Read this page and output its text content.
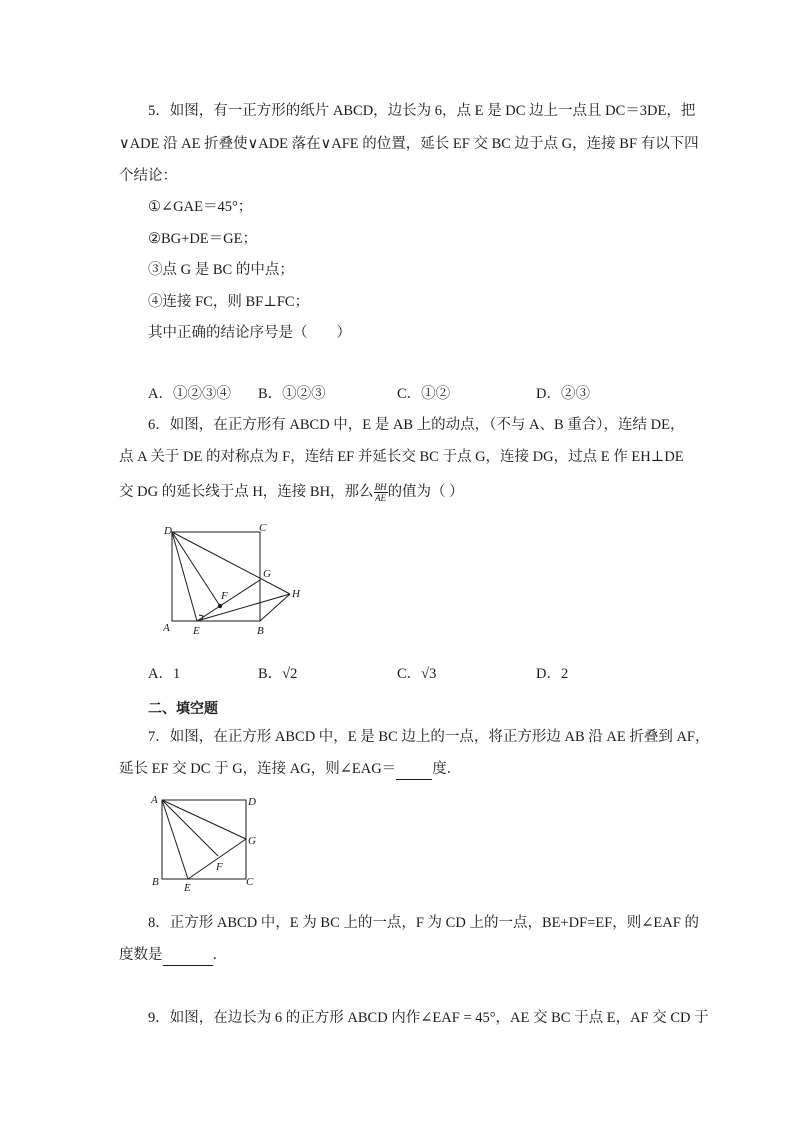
5．如图，有一正方形的纸片 ABCD，边长为 6，点 E 是 DC 边上一点且 DC＝3DE，把
∨ADE 沿 AE 折叠使∨ADE 落在∨AFE 的位置，延长 EF 交 BC 边于点 G，连接 BF 有以下四
个结论：
①∠GAE＝45°；
②BG+DE＝GE；
③点 G 是 BC 的中点；
④连接 FC，则 BF⊥FC；
其中正确的结论序号是（　　）
A．①②③④ B．①②③	C．①②	D．②③
6．如图，在正方形有 ABCD 中，E 是 AB 上的动点，（不与 A、B 重合），连结 DE，
点 A 关于 DE 的对称点为 F，连结 EF 并延长交 BC 于点 G，连接 DG，过点 E 作 EH⊥DE
交 DG 的延长线于点 H，连接 BH，那么 $\frac{BH}{AE}$ 的值为（ ）
D	C
G
F	H
A E	B
A．1	B．√2	C．√3	D．2
二、填空题
7．如图，在正方形 ABCD 中，E 是 BC 边上的一点，将正方形边 AB 沿 AE 折叠到 AF，
延长 EF 交 DC 于 G，连接 AG，则∠EAG＝ 度．
A	D
G
F
B E	C
8．正方形 ABCD 中，E 为 BC 上的一点，F 为 CD 上的一点，BE+DF=EF，则∠EAF 的
度数是	．
9．如图，在边长为 6 的正方形 ABCD 内作∠EAF = 45°，AE 交 BC 于点 E，AF 交 CD 于
